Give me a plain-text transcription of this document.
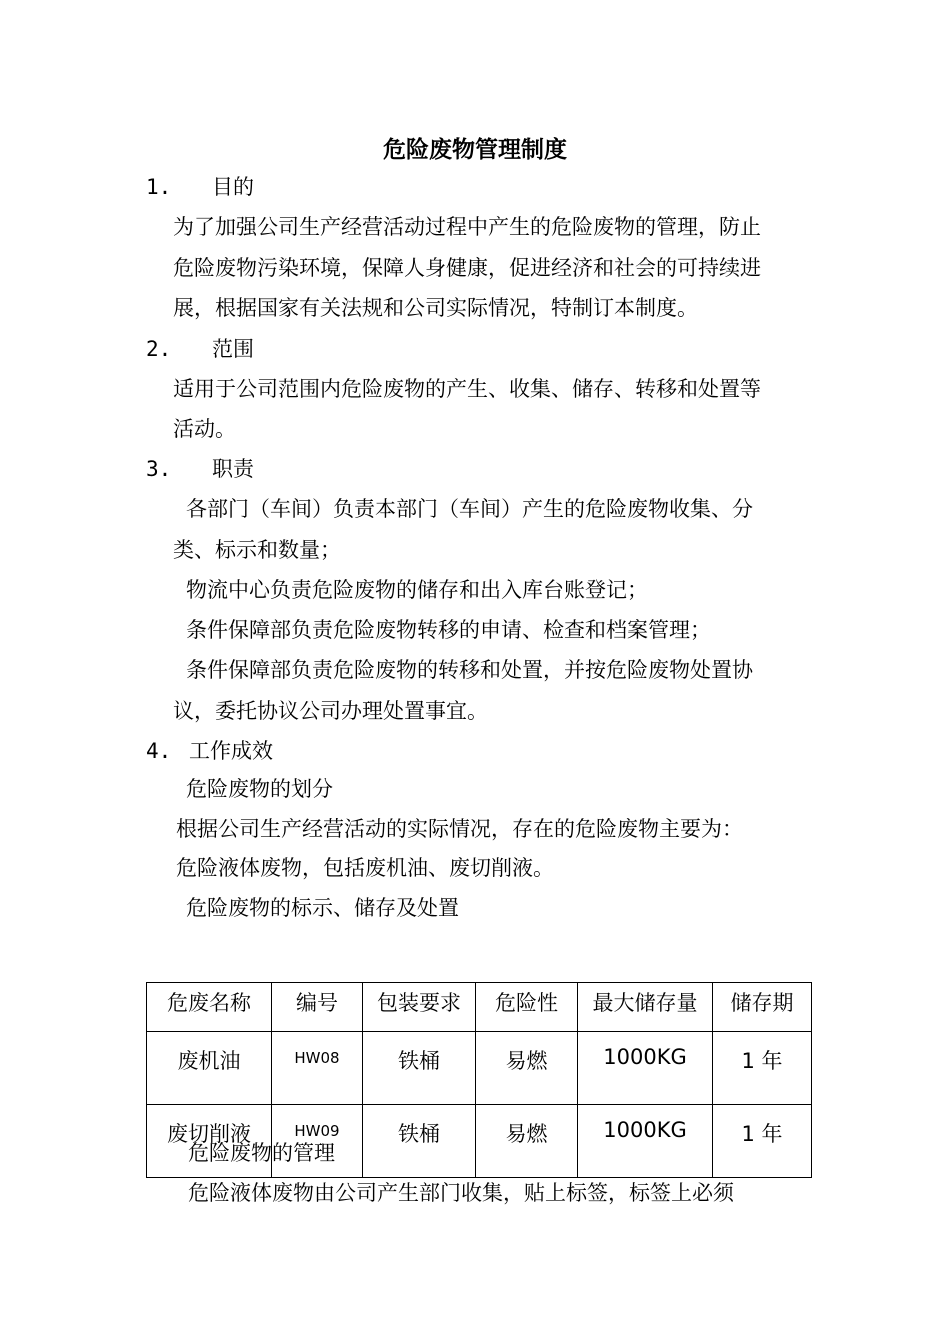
危险废物管理制度
1. 目的
为了加强公司生产经营活动过程中产生的危险废物的管理，防止
危险废物污染环境，保障人身健康，促进经济和社会的可持续进
展，根据国家有关法规和公司实际情况，特制订本制度。
2. 范围
适用于公司范围内危险废物的产生、收集、储存、转移和处置等
活动。
3. 职责
各部门（车间）负责本部门（车间）产生的危险废物收集、分
类、标示和数量；
物流中心负责危险废物的储存和出入库台账登记；
条件保障部负责危险废物转移的申请、检查和档案管理；
条件保障部负责危险废物的转移和处置，并按危险废物处置协
议，委托协议公司办理处置事宜。
4. 工作成效
危险废物的划分
根据公司生产经营活动的实际情况，存在的危险废物主要为：
危险液体废物，包括废机油、废切削液。
危险废物的标示、储存及处置
危废名称	编号	包装要求	危险性	最大储存量	储存期
废机油	HW08	铁桶	易燃	1000KG	1 年
废切削液	HW09	铁桶	易燃	1000KG	1 年
危险废物的管理
危险液体废物由公司产生部门收集，贴上标签，标签上必须
